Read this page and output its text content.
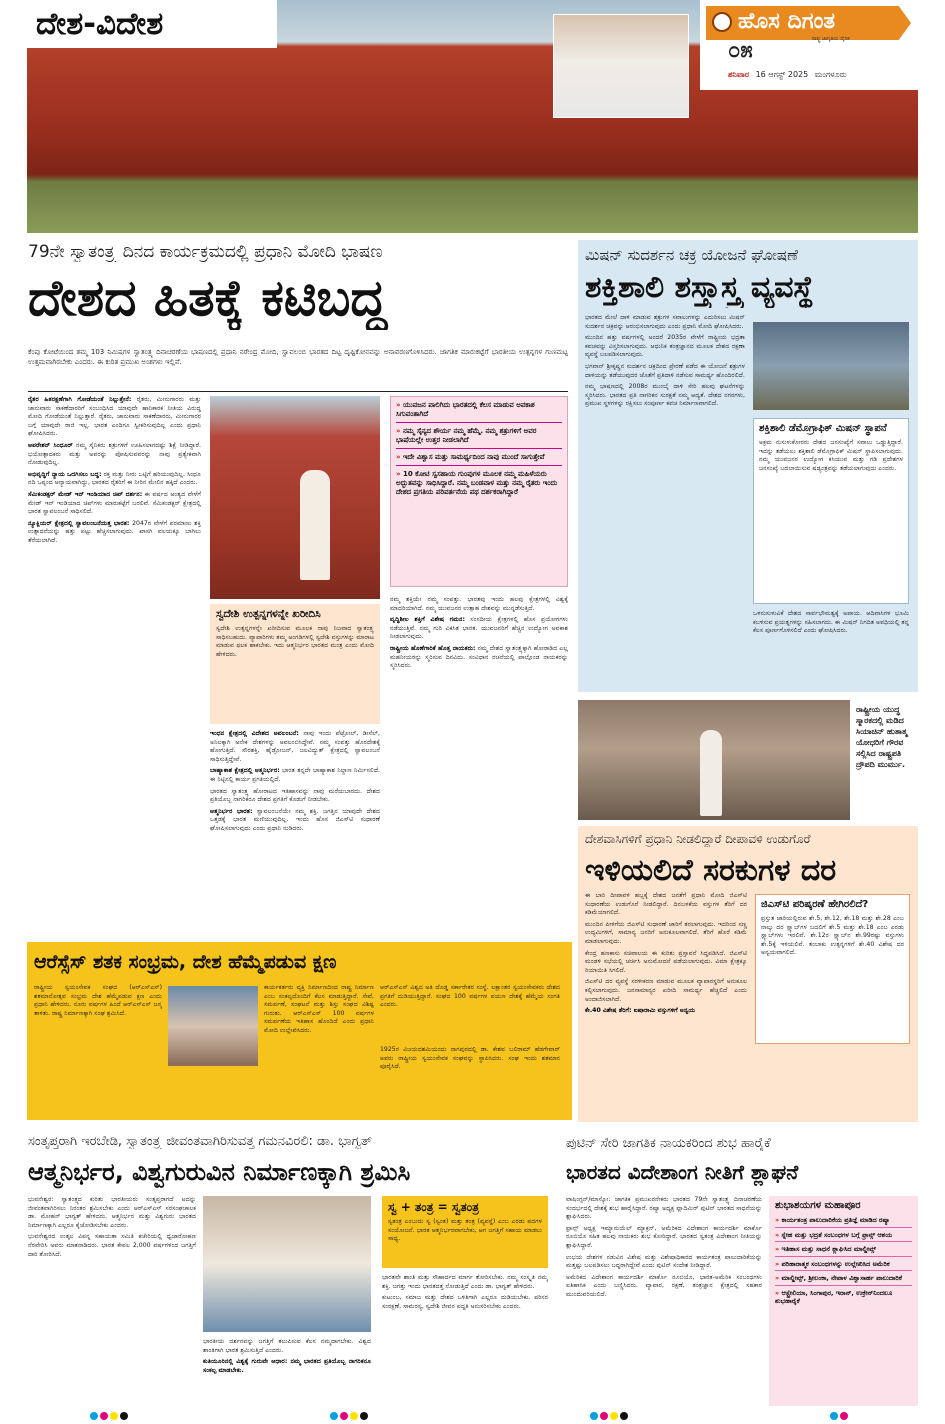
ದೇಶ-ವಿದೇಶ	ಹೊಸ ದಿಗಂತ
ರಾಷ್ಟ್ರ ಜಾಗೃತಿಯ ದೈನಿಕ
೦೫
ಶನಿವಾರ 16 ಆಗಸ್ಟ್ 2025 ಮಂಗಳೂರು
79ನೇ ಸ್ವಾತಂತ್ರ್ಯ ದಿನದ ಕಾರ್ಯಕ್ರಮದಲ್ಲಿ ಪ್ರಧಾನಿ ಮೋದಿ ಭಾಷಣ
ದೇಶದ ಹಿತಕ್ಕೆ ಕಟಿಬದ್ಧ
ಕೆಂಪು ಕೋಟೆಯಿಂದ ತಮ್ಮ 103 ನಿಮಿಷಗಳ ಸ್ವಾತಂತ್ರ್ಯ ದಿನಾಚರಣೆಯ ಭಾಷಣದಲ್ಲಿ ಪ್ರಧಾನಿ ನರೇಂದ್ರ ಮೋದಿ, ಸ್ವಾವಲಂಬಿ ಭಾರತದ ದಿಟ್ಟ ದೃಷ್ಟಿಕೋನವನ್ನು ಅನಾವರಣಗೊಳಿಸಿದರು. ಜಾಗತಿಕ ಮಾರುಕಟ್ಟೆಗೆ ಭಾರತೀಯ ಉತ್ಪನ್ನಗಳ ಗುಣಮಟ್ಟ ಉತ್ತಮವಾಗಿರಬೇಕು ಎಂದರು. ಈ ಕುರಿತ ಪ್ರಮುಖ ಅಂಶಗಳು ಇಲ್ಲಿವೆ.

ರೈತರ ಹಿತರಕ್ಷಣೆಗಾಗಿ ಗೋಡೆಯಂತೆ ನಿಲ್ಲುತ್ತೇನೆ: ರೈತರು, ಮೀನುಗಾರರು ಮತ್ತು ಜಾನುವಾರು ಸಾಕಣೆದಾರರಿಗೆ ಸಂಬಂಧಿಸಿದ ಯಾವುದೇ ಹಾನಿಕಾರಕ ನೀತಿಯ ವಿರುದ್ಧ ಮೋದಿ ಗೋಡೆಯಂತೆ ನಿಲ್ಲುತ್ತಾರೆ. ರೈತರು, ಜಾನುವಾರು ಸಾಕಣೆದಾರರು, ಮೀನುಗಾರರ ಬಗ್ಗೆ ಯಾವುದೇ ರಾಜಿ ಇಲ್ಲ. ಭಾರತ ಎಂದಿಗೂ ಸ್ವೀಕರಿಸುವುದಿಲ್ಲ ಎಂದು ಪ್ರಧಾನಿ ಘೋಷಿಸಿದರು.

ಆಪರೇಶನ್ ಸಿಂಧೂರ್ ನಮ್ಮ ಸೈನಿಕರು ಶತ್ರುಗಳಿಗೆ ಊಹಿಸಲಾಗದಷ್ಟು ಶಿಕ್ಷೆ ನೀಡಿದ್ದಾರೆ. ಭಯೋತ್ಪಾದಕರು ಮತ್ತು ಅವರನ್ನು ಪೋಷಿಸುವವರನ್ನು ನಾವು ಪ್ರತ್ಯೇಕವಾಗಿ ನೋಡುವುದಿಲ್ಲ.

ಅಭಿವೃದ್ಧಿಗೆ ನ್ಯಾಯ ಒದಗಿಸಲು ಬದ್ಧ: ರಕ್ತ ಮತ್ತು ನೀರು ಒಟ್ಟಿಗೆ ಹರಿಯುವುದಿಲ್ಲ. ಸಿಂಧೂ ನದಿ ಒಪ್ಪಂದ ಅನ್ಯಾಯವಾಗಿದ್ದು, ಭಾರತದ ರೈತರಿಗೆ ಈ ನೀರಿನ ಮೇಲಿನ ಹಕ್ಕಿದೆ ಎಂದರು.

ಸೆಮಿಕಂಡಕ್ಟರ್ ಮೇಡ್ ಇನ್ ಇಂಡಿಯಾದ ಚಿಪ್ ದರ್ಶನ: ಈ ವರ್ಷದ ಅಂತ್ಯದ ವೇಳೆಗೆ ಮೇಡ್ ಇನ್ ಇಂಡಿಯಾದ ಚಿಪ್‌ಗಳು ಮಾರುಕಟ್ಟೆಗೆ ಬರಲಿವೆ. ಸೆಮಿಕಂಡಕ್ಟರ್ ಕ್ಷೇತ್ರದಲ್ಲಿ ಭಾರತ ಸ್ವಾವಲಂಬನೆ ಸಾಧಿಸಲಿದೆ.

ನ್ಯೂಕ್ಲಿಯರ್ ಕ್ಷೇತ್ರದಲ್ಲಿ ಸ್ವಾವಲಂಬನೆಯತ್ತ ಭಾರತ: 2047ರ ವೇಳೆಗೆ ಪರಮಾಣು ಶಕ್ತಿ ಉತ್ಪಾದನೆಯನ್ನು ಹತ್ತು ಪಟ್ಟು ಹೆಚ್ಚಿಸಲಾಗುವುದು. ಖಾಸಗಿ ವಲಯಕ್ಕೂ ಬಾಗಿಲು ತೆರೆಯಲಾಗಿದೆ.

» ಯುವಜನ ಪಾಲಿಗಿದು ಭಾರತದಲ್ಲಿ ಕೆಲಸ ಮಾಡುವ ಅವಕಾಶ ಸಿಗುವಂತಾಗಿದೆ
» ನಮ್ಮ ಸೈನ್ಯದ ಶೌರ್ಯ ನಮ್ಮ ಹೆಮ್ಮೆ. ನಮ್ಮ ಶತ್ರುಗಳಿಗೆ ಅವರ ಭಾಷೆಯಲ್ಲೇ ಉತ್ತರ ನೀಡಲಾಗಿದೆ
» ಇದೇ ವಿಶ್ವಾಸ ಮತ್ತು ಸಾಮರ್ಥ್ಯದಿಂದ ನಾವು ಮುಂದೆ ಸಾಗುತ್ತೇವೆ
» 10 ಕೋಟಿ ಸ್ವಸಹಾಯ ಗುಂಪುಗಳ ಮೂಲಕ ನಮ್ಮ ಮಹಿಳೆಯರು ಅದ್ಭುತವನ್ನು ಸಾಧಿಸಿದ್ದಾರೆ. ನಮ್ಮ ಬಂಡವಾಳ ಮತ್ತು ನಮ್ಮ ರೈತರು ಇಂದು ದೇಶದ ಪ್ರಗತಿಯ ಪರಿವರ್ತನೆಯ ಪಥ ದರ್ಶಕರಾಗಿದ್ದಾರೆ
ಸ್ವದೇಶಿ ಉತ್ಪನ್ನಗಳನ್ನೇ ಖರೀದಿಸಿ
ಸ್ವದೇಶಿ ಉತ್ಪನ್ನಗಳನ್ನೇ ಖರೀದಿಸುವ ಮೂಲಕ ನಾವು ನಿಜವಾದ ಸ್ವಾತಂತ್ರ್ಯ ಸಾಧಿಸಬಹುದು. ವ್ಯಾಪಾರಿಗಳು ತಮ್ಮ ಅಂಗಡಿಗಳಲ್ಲಿ ಸ್ವದೇಶಿ ವಸ್ತುಗಳನ್ನು ಮಾರಾಟ ಮಾಡುವ ಫಲಕ ಹಾಕಬೇಕು. ಇದು ಆತ್ಮನಿರ್ಭರ ಭಾರತದ ಮಂತ್ರ ಎಂದು ಮೋದಿ ಹೇಳಿದರು.

ನಮ್ಮ ಶಕ್ತಿಯೇ ನಮ್ಮ ಸಂಪತ್ತು. ಭಾರತವು ಇಂದು ಹಲವು ಕ್ಷೇತ್ರಗಳಲ್ಲಿ ವಿಶ್ವಕ್ಕೆ ಮಾದರಿಯಾಗಿದೆ. ನಮ್ಮ ಯುವಜನರ ಉತ್ಸಾಹ ದೇಶವನ್ನು ಮುನ್ನಡೆಸುತ್ತಿದೆ.

ವೃದ್ಧಿಶೀಲ ಶಕ್ತಿಗೆ ವಿಶೇಷ ಗಮನ: ಸಂಸದೀಯ ಕ್ಷೇತ್ರಗಳಲ್ಲಿ ಹೊಸ ಪ್ರಯೋಗಗಳು ನಡೆಯುತ್ತಿವೆ. ನಮ್ಮ ಗುರಿ ವಿಕಸಿತ ಭಾರತ. ಯುವಜನರಿಗೆ ಹೆಚ್ಚಿನ ಉದ್ಯೋಗ ಅವಕಾಶ ನೀಡಲಾಗುವುದು.

ರಾಷ್ಟ್ರೀಯ ಹೊಣೆಗಾರಿಕೆ ಹೊತ್ತ ನಾಯಕರು: ನಮ್ಮ ದೇಶದ ಸ್ವಾತಂತ್ರ್ಯಕ್ಕಾಗಿ ಹೋರಾಡಿದ ಎಲ್ಲ ಮಹನೀಯರನ್ನು ಸ್ಮರಿಸುವ ದಿನವಿದು. ಸಂವಿಧಾನ ರಚನೆಯಲ್ಲಿ ಪಾಲ್ಗೊಂಡ ನಾಯಕರನ್ನು ಸ್ಮರಿಸಿದರು.

ಇಂಧನ ಕ್ಷೇತ್ರದಲ್ಲಿ ವಿದೇಶದ ಅವಲಂಬನೆ: ನಾವು ಇಂದು ಪೆಟ್ರೋಲ್, ಡೀಸೆಲ್, ಅನಿಲಕ್ಕಾಗಿ ಅನೇಕ ದೇಶಗಳನ್ನು ಅವಲಂಬಿಸಿದ್ದೇವೆ. ನಮ್ಮ ಸಂಪತ್ತು ಹೊರದೇಶಕ್ಕೆ ಹೋಗುತ್ತಿದೆ. ಸೌರಶಕ್ತಿ, ಹೈಡ್ರೋಜನ್, ಜಲವಿದ್ಯುತ್ ಕ್ಷೇತ್ರದಲ್ಲಿ ಸ್ವಾವಲಂಬನೆ ಸಾಧಿಸುತ್ತಿದ್ದೇವೆ.

ಬಾಹ್ಯಾಕಾಶ ಕ್ಷೇತ್ರದಲ್ಲಿ ಆತ್ಮನಿರ್ಭರ: ಭಾರತ ತನ್ನದೇ ಬಾಹ್ಯಾಕಾಶ ನಿಲ್ದಾಣ ನಿರ್ಮಿಸಲಿದೆ. ಈ ನಿಟ್ಟಿನಲ್ಲಿ ಕಾರ್ಯ ಪ್ರಗತಿಯಲ್ಲಿದೆ.

ಭಾರತದ ಸ್ವಾತಂತ್ರ್ಯ ಹೋರಾಟದ ಇತಿಹಾಸವನ್ನು ನಾವು ಮರೆಯಬಾರದು. ದೇಶದ ಪ್ರತಿಯೊಬ್ಬ ನಾಗರಿಕರೂ ದೇಶದ ಪ್ರಗತಿಗೆ ಕೊಡುಗೆ ನೀಡಬೇಕು.

ಆತ್ಮನಿರ್ಭರ ಭಾರತ: ಸ್ವಾವಲಂಬನೆಯೇ ನಮ್ಮ ಶಕ್ತಿ. ಜಗತ್ತಿನ ಯಾವುದೇ ದೇಶದ ಒತ್ತಡಕ್ಕೆ ಭಾರತ ಮಣಿಯುವುದಿಲ್ಲ. ಇಂದು ಹೊಸ ಜಿಎಸ್‌ಟಿ ಸುಧಾರಣೆ ಘೋಷಿಸಲಾಗುವುದು ಎಂದು ಪ್ರಧಾನಿ ನುಡಿದರು.

ಮಿಷನ್ ಸುದರ್ಶನ ಚಕ್ರ ಯೋಜನೆ ಘೋಷಣೆ
ಶಕ್ತಿಶಾಲಿ ಶಸ್ತ್ರಾಸ್ತ್ರ ವ್ಯವಸ್ಥೆ

ಭಾರತದ ಮೇಲೆ ದಾಳಿ ಮಾಡುವ ಶತ್ರುಗಳ ಸವಾಲುಗಳನ್ನು ಎದುರಿಸಲು ಮಿಷನ್ ಸುದರ್ಶನ ಚಕ್ರವನ್ನು ಆರಂಭಿಸಲಾಗುವುದು ಎಂದು ಪ್ರಧಾನಿ ಮೋದಿ ಘೋಷಿಸಿದರು.

ಮುಂದಿನ ಹತ್ತು ವರ್ಷಗಳಲ್ಲಿ ಅಂದರೆ 2035ರ ವೇಳೆಗೆ ರಾಷ್ಟ್ರೀಯ ಭದ್ರತಾ ಕವಚವನ್ನು ವಿಸ್ತರಿಸಲಾಗುವುದು. ಆಧುನಿಕ ತಂತ್ರಜ್ಞಾನದ ಮೂಲಕ ದೇಶದ ರಕ್ಷಣಾ ವ್ಯವಸ್ಥೆ ಬಲಪಡಿಸಲಾಗುವುದು.

ಭಗವಾನ್ ಶ್ರೀಕೃಷ್ಣನ ಸುದರ್ಶನ ಚಕ್ರದಿಂದ ಪ್ರೇರಣೆ ಪಡೆದ ಈ ಯೋಜನೆ ಶತ್ರುಗಳ ದಾಳಿಯನ್ನು ತಡೆಯುವುದರ ಜೊತೆಗೆ ಪ್ರತಿದಾಳಿ ನಡೆಸುವ ಸಾಮರ್ಥ್ಯ ಹೊಂದಿರಲಿದೆ.

ನಮ್ಮ ಭಾಷಣದಲ್ಲಿ 2008ರ ಮುಂಬೈ ದಾಳಿ ಸೇರಿ ಹಲವು ಘಟನೆಗಳನ್ನು ಸ್ಮರಿಸಿದರು. ಭಾರತದ ಪ್ರತಿ ನಾಗರಿಕನ ಸುರಕ್ಷತೆ ನಮ್ಮ ಆದ್ಯತೆ. ದೇಶದ ನಗರಗಳು, ಪ್ರಮುಖ ಸ್ಥಳಗಳನ್ನು ರಕ್ಷಿಸಲು ಸಂಪೂರ್ಣ ಕವಚ ನಿರ್ಮಾಣವಾಗಲಿದೆ.

ಶಕ್ತಿಶಾಲಿ ಡೆಮೊಗ್ರಾಫಿಕ್ ಮಿಷನ್ ಸ್ಥಾಪನೆ
ಅಕ್ರಮ ನುಸುಳುಕೋರರು ದೇಶದ ಜನಸಂಖ್ಯೆಗೆ ಸವಾಲು ಒಡ್ಡುತ್ತಿದ್ದಾರೆ. ಇದನ್ನು ತಡೆಯಲು ಶಕ್ತಿಶಾಲಿ ಡೆಮೊಗ್ರಾಫಿಕ್ ಮಿಷನ್ ಸ್ಥಾಪಿಸಲಾಗುವುದು. ನಮ್ಮ ಯುವಜನರ ಉದ್ಯೋಗ ಕಸಿಯುವ ಮತ್ತು ಗಡಿ ಪ್ರದೇಶಗಳ ಜನಸಂಖ್ಯೆ ಬದಲಾಯಿಸುವ ಷಡ್ಯಂತ್ರವನ್ನು ತಡೆಯಲಾಗುವುದು ಎಂದರು.
ಒಳನುಸುಳುವಿಕೆ ದೇಶದ ಸಾರ್ವಭೌಮತ್ವಕ್ಕೆ ಅಪಾಯ. ಆದಿವಾಸಿಗಳ ಭೂಮಿ ಕಬಳಿಸುವ ಪ್ರಯತ್ನಗಳನ್ನು ಸಹಿಸಲಾಗದು. ಈ ಮಿಷನ್ ನಿಗದಿತ ಅವಧಿಯಲ್ಲಿ ತನ್ನ ಕೆಲಸ ಪೂರ್ಣಗೊಳಿಸಲಿದೆ ಎಂದು ಘೋಷಿಸಿದರು.
ರಾಷ್ಟ್ರೀಯ ಯುದ್ಧ ಸ್ಮಾರಕದಲ್ಲಿ ಮಡಿದ ಸಿಯಾಚಿನ್ ಹುತಾತ್ಮ ಯೋಧರಿಗೆ ಗೌರವ ಸಲ್ಲಿಸಿದ ರಾಷ್ಟ್ರಪತಿ ದ್ರೌಪದಿ ಮುರ್ಮು.
ದೇಶವಾಸಿಗಳಿಗೆ ಪ್ರಧಾನಿ ನೀಡಲಿದ್ದಾರೆ ದೀಪಾವಳಿ ಉಡುಗೊರೆ
ಇಳಿಯಲಿದೆ ಸರಕುಗಳ ದರ

ಈ ಬಾರಿ ದೀಪಾವಳಿ ಹಬ್ಬಕ್ಕೆ ದೇಶದ ಜನತೆಗೆ ಪ್ರಧಾನಿ ಮೋದಿ ಜಿಎಸ್‌ಟಿ ಸುಧಾರಣೆಯ ಉಡುಗೊರೆ ನೀಡಲಿದ್ದಾರೆ. ದಿನಬಳಕೆಯ ವಸ್ತುಗಳ ತೆರಿಗೆ ದರ ಕಡಿಮೆಯಾಗಲಿದೆ.

ಮುಂದಿನ ಪೀಳಿಗೆಯ ಜಿಎಸ್‌ಟಿ ಸುಧಾರಣೆ ಜಾರಿಗೆ ತರಲಾಗುವುದು. ಇದರಿಂದ ಸಣ್ಣ ಉದ್ಯಮಿಗಳಿಗೆ, ಸಾಮಾನ್ಯ ಜನರಿಗೆ ಅನುಕೂಲವಾಗಲಿದೆ. ತೆರಿಗೆ ಹೊರೆ ಕಡಿಮೆ ಮಾಡಲಾಗುವುದು.

ಕೇಂದ್ರ ಹಣಕಾಸು ಸಚಿವಾಲಯ ಈ ಕುರಿತು ಪ್ರಸ್ತಾವನೆ ಸಿದ್ಧಪಡಿಸಿದೆ. ಜಿಎಸ್‌ಟಿ ಮಂಡಳಿ ಸಭೆಯಲ್ಲಿ ಚರ್ಚಿಸಿ ಅನುಮೋದನೆ ಪಡೆಯಲಾಗುವುದು. ವಿಮಾ ಕ್ಷೇತ್ರಕ್ಕೂ ರಿಯಾಯಿತಿ ಸಿಗಲಿದೆ.

ಜಿಎಸ್‌ಟಿ ದರ ವ್ಯವಸ್ಥೆ ಸರಳೀಕರಣ ಮಾಡುವ ಮೂಲಕ ವ್ಯಾಪಾರಸ್ಥರಿಗೆ ಅನುಕೂಲ ಕಲ್ಪಿಸಲಾಗುವುದು. ಜನಸಾಮಾನ್ಯರ ಖರೀದಿ ಸಾಮರ್ಥ್ಯ ಹೆಚ್ಚಲಿದೆ ಎಂದು ಅಂದಾಜಿಸಲಾಗಿದೆ.

ಕೇ.40 ವಿಶೇಷ ತೆರಿಗೆ: ಐಷಾರಾಮಿ ವಸ್ತುಗಳಿಗೆ ಅನ್ವಯ

ಜಿಎಸ್‌ಟಿ ಪರಿಷ್ಕರಣೆ ಹೇಗಿರಲಿದೆ?
ಪ್ರಸ್ತುತ ಜಾರಿಯಲ್ಲಿರುವ ಶೇ.5, ಶೇ.12, ಶೇ.18 ಮತ್ತು ಶೇ.28 ಎಂಬ ನಾಲ್ಕು ದರ ಸ್ಲ್ಯಾಬ್‌ಗಳ ಬದಲಿಗೆ ಶೇ.5 ಮತ್ತು ಶೇ.18 ಎಂಬ ಎರಡು ಸ್ಲ್ಯಾಬ್‌ಗಳು ಇರಲಿವೆ. ಶೇ.12ರ ಸ್ಲ್ಯಾಬ್‌ನ ಶೇ.99ರಷ್ಟು ವಸ್ತುಗಳು ಶೇ.5ಕ್ಕೆ ಇಳಿಯಲಿವೆ. ತಂಬಾಕು ಉತ್ಪನ್ನಗಳಿಗೆ ಶೇ.40 ವಿಶೇಷ ದರ ಅನ್ವಯವಾಗಲಿದೆ.
ಆರೆಸ್ಸೆಸ್ ಶತಕ ಸಂಭ್ರಮ, ದೇಶ ಹೆಮ್ಮೆಪಡುವ ಕ್ಷಣ
ರಾಷ್ಟ್ರೀಯ ಸ್ವಯಂಸೇವಕ ಸಂಘದ (ಆರ್‌ಎಸ್‌ಎಸ್) ಶತಮಾನೋತ್ಸವ ಸಂಭ್ರಮ ದೇಶ ಹೆಮ್ಮೆಪಡುವ ಕ್ಷಣ ಎಂದು ಪ್ರಧಾನಿ ಹೇಳಿದರು. ನೂರು ವರ್ಷಗಳ ಹಿಂದೆ ಆರ್‌ಎಸ್‌ಎಸ್ ಜನ್ಮ ತಾಳಿತು. ರಾಷ್ಟ್ರ ನಿರ್ಮಾಣಕ್ಕಾಗಿ ಸಂಘ ಶ್ರಮಿಸಿದೆ.
ಕಾರ್ಯಕರ್ತರು ವ್ಯಕ್ತಿ ನಿರ್ಮಾಣದಿಂದ ರಾಷ್ಟ್ರ ನಿರ್ಮಾಣ ಎಂಬ ಸಂಕಲ್ಪದೊಂದಿಗೆ ಕೆಲಸ ಮಾಡುತ್ತಿದ್ದಾರೆ. ಸೇವೆ, ಸಮರ್ಪಣೆ, ಸಂಘಟನೆ ಮತ್ತು ಶಿಸ್ತು ಸಂಘದ ವಿಶಿಷ್ಟ ಗುರುತು. ಆರ್‌ಎಸ್‌ಎಸ್ 100 ವರ್ಷಗಳ ಸಮರ್ಪಣೆಯ ಇತಿಹಾಸ ಹೊಂದಿದೆ ಎಂದು ಪ್ರಧಾನಿ ಮೋದಿ ಉಲ್ಲೇಖಿಸಿದರು.
ಆರ್‌ಎಸ್‌ಎಸ್ ವಿಶ್ವದ ಅತಿ ದೊಡ್ಡ ಸರ್ಕಾರೇತರ ಸಂಸ್ಥೆ. ಲಕ್ಷಾಂತರ ಸ್ವಯಂಸೇವಕರು ದೇಶದ ಪ್ರಗತಿಗೆ ದುಡಿಯುತ್ತಿದ್ದಾರೆ. ಸಂಘದ 100 ವರ್ಷಗಳ ಪಯಣ ದೇಶಕ್ಕೆ ಹೆಮ್ಮೆಯ ಸಂಗತಿ ಎಂದರು.
1925ರ ವಿಜಯದಶಮಿಯಂದು ನಾಗಪುರದಲ್ಲಿ ಡಾ. ಕೇಶವ ಬಲಿರಾಮ್ ಹೆಡಗೇವಾರ್ ಅವರು ರಾಷ್ಟ್ರೀಯ ಸ್ವಯಂಸೇವಕ ಸಂಘವನ್ನು ಸ್ಥಾಪಿಸಿದರು. ಸಂಘ ಇಂದು ಶತಮಾನ ಪೂರೈಸಿದೆ.
ಸಂತೃಪ್ತರಾಗಿ ಇರಬೇಡಿ, ಸ್ವಾತಂತ್ರ್ಯ ಜೀವಂತವಾಗಿರಿಸುವತ್ತ ಗಮನವಿರಲಿ: ಡಾ. ಭಾಗ್ವತ್
ಆತ್ಮನಿರ್ಭರ, ವಿಶ್ವಗುರುವಿನ ನಿರ್ಮಾಣಕ್ಕಾಗಿ ಶ್ರಮಿಸಿ

ಭುವನೇಶ್ವರ: ಸ್ವಾತಂತ್ರ್ಯದ ಕುರಿತು ಭಾರತೀಯರು ಸಂತೃಪ್ತರಾಗದೆ ಅದನ್ನು ಜೀವಂತವಾಗಿರಿಸಲು ನಿರಂತರ ಶ್ರಮಿಸಬೇಕು ಎಂದು ಆರ್‌ಎಸ್‌ಎಸ್ ಸರಸಂಘಚಾಲಕ ಡಾ. ಮೋಹನ್ ಭಾಗ್ವತ್ ಹೇಳಿದರು. ಆತ್ಮನಿರ್ಭರ ಮತ್ತು ವಿಶ್ವಗುರು ಭಾರತದ ನಿರ್ಮಾಣಕ್ಕಾಗಿ ಎಲ್ಲರೂ ಕೈಜೋಡಿಸಬೇಕು ಎಂದರು.

ಭುವನೇಶ್ವರದ ಉತ್ಕಲ ವಿಪನ್ನ ಸಹಾಯತಾ ಸಮಿತಿ ಕಚೇರಿಯಲ್ಲಿ ಧ್ವಜಾರೋಹಣ ನೆರವೇರಿಸಿ ಅವರು ಮಾತನಾಡಿದರು. ಭಾರತ ಕೇವಲ 2,000 ವರ್ಷಗಳಿಂದ ಜಗತ್ತಿಗೆ ದಾರಿ ತೋರಿಸಿದೆ.

ಸ್ವ + ತಂತ್ರ = ಸ್ವತಂತ್ರ
ಸ್ವತಂತ್ರ ಎಂಬುದು ಸ್ವ (ಸ್ವಂತ) ಮತ್ತು ತಂತ್ರ (ವ್ಯವಸ್ಥೆ) ಎಂಬ ಎರಡು ಪದಗಳ ಸಂಯೋಜನೆ. ಭಾರತ ಆತ್ಮನಿರ್ಭರವಾಗಬೇಕು, ಆಗ ಜಗತ್ತಿಗೆ ಸಹಾಯ ಮಾಡಲು ಸಾಧ್ಯ.

ಭಾರತವೇ ಶಾಂತಿ ಮತ್ತು ಸೌಹಾರ್ದದ ಮಾರ್ಗ ತೋರಿಸಬೇಕು. ನಮ್ಮ ಸಂಸ್ಕೃತಿ ನಮ್ಮ ಶಕ್ತಿ. ಜಗತ್ತು ಇಂದು ಭಾರತದತ್ತ ನೋಡುತ್ತಿದೆ ಎಂದು ಡಾ. ಭಾಗ್ವತ್ ಹೇಳಿದರು.

ಕುಟುಂಬ, ಸಮಾಜ ಮತ್ತು ದೇಶದ ಒಳಿತಿಗಾಗಿ ಎಲ್ಲರೂ ದುಡಿಯಬೇಕು. ಪರಿಸರ ಸಂರಕ್ಷಣೆ, ಸಾಮರಸ್ಯ, ಸ್ವದೇಶಿ ಜೀವನ ಪದ್ಧತಿ ಅನುಸರಿಸಬೇಕು ಎಂದರು.

ಭಾರತೀಯ ದರ್ಶನವನ್ನು ಜಗತ್ತಿಗೆ ತಲುಪಿಸುವ ಕೆಲಸ ನಮ್ಮದಾಗಬೇಕು. ವಿಶ್ವದ ಶಾಂತಿಗಾಗಿ ಭಾರತ ಶ್ರಮಿಸುತ್ತಿದೆ ಎಂದರು.

ಕುತಿಯೂರಿನಲ್ಲಿ ವಿಶ್ವಕ್ಕೆ ಗುರುವೇ ಆಧಾರ: ನಮ್ಮ ಭಾರತದ ಪ್ರತಿಯೊಬ್ಬ ನಾಗರಿಕನೂ ಸಂಕಲ್ಪ ಮಾಡಬೇಕು.

ಪುಟಿನ್ ಸೇರಿ ಜಾಗತಿಕ ನಾಯಕರಿಂದ ಶುಭ ಹಾರೈಕೆ
ಭಾರತದ ವಿದೇಶಾಂಗ ನೀತಿಗೆ ಶ್ಲಾಘನೆ

ವಾಷಿಂಗ್ಟನ್/ಮಾಸ್ಕೋ: ಜಾಗತಿಕ ಪ್ರಮುಖರನೇಕರು ಭಾರತದ 79ನೇ ಸ್ವಾತಂತ್ರ್ಯ ದಿನಾಚರಣೆಯ ಸಂದರ್ಭದಲ್ಲಿ ದೇಶಕ್ಕೆ ಶುಭ ಹಾರೈಸಿದ್ದಾರೆ. ರಷ್ಯಾ ಅಧ್ಯಕ್ಷ ವ್ಲಾದಿಮಿರ್ ಪುಟಿನ್ ಭಾರತದ ಸಾಧನೆಯನ್ನು ಶ್ಲಾಘಿಸಿದರು.

ಫ್ರಾನ್ಸ್ ಅಧ್ಯಕ್ಷ ಇಮ್ಯಾನುಯೆಲ್ ಮ್ಯಾಕ್ರನ್, ಅಮೆರಿಕದ ವಿದೇಶಾಂಗ ಕಾರ್ಯದರ್ಶಿ ಮಾರ್ಕೊ ರೂಬಿಯೊ ಸಹಿತ ಹಲವು ನಾಯಕರು ಶುಭ ಕೋರಿದ್ದಾರೆ. ಭಾರತದ ಸ್ವತಂತ್ರ ವಿದೇಶಾಂಗ ನೀತಿಯನ್ನು ಶ್ಲಾಘಿಸಿದ್ದಾರೆ.

ಉಭಯ ದೇಶಗಳ ನಡುವಿನ ವಿಶೇಷ ಮತ್ತು ವಿಶೇಷಾಧಿಕಾರದ ಕಾರ್ಯತಂತ್ರ ಪಾಲುದಾರಿಕೆಯನ್ನು ಮತ್ತಷ್ಟು ಬಲಪಡಿಸಲು ಬದ್ಧರಾಗಿದ್ದೇವೆ ಎಂದು ಪುಟಿನ್ ಸಂದೇಶ ನೀಡಿದ್ದಾರೆ.

ಅಮೆರಿಕದ ವಿದೇಶಾಂಗ ಕಾರ್ಯದರ್ಶಿ ಮಾರ್ಕೊ ರೂಬಿಯೊ, ಭಾರತ-ಅಮೆರಿಕ ಸಂಬಂಧಗಳು ಐತಿಹಾಸಿಕ ಎಂದು ಬಣ್ಣಿಸಿದರು. ವ್ಯಾಪಾರ, ರಕ್ಷಣೆ, ತಂತ್ರಜ್ಞಾನ ಕ್ಷೇತ್ರದಲ್ಲಿ ಸಹಕಾರ ಮುಂದುವರಿಯಲಿದೆ.

ಶುಭಾಶಯಗಳ ಮಹಾಪೂರ
» ಕಾರ್ಯತಂತ್ರ ಪಾಲುದಾರಿಕೆಯ ಪ್ರತಿಜ್ಞೆ ಮಾಡಿದ ರಷ್ಯಾ
» ಸ್ನೇಹ ಮತ್ತು ಭದ್ರತೆ ಸಂಬಂಧಗಳ ಬಗ್ಗೆ ಫ್ರಾನ್ಸ್ ಆಶಯ
» ಇತಿಹಾಸ ಮತ್ತು ಸಾಧನೆ ಶ್ಲಾಘಿಸಿದ ಮಾಲ್ಡೀವ್ಸ್
» ಪರಿಹಾರಾತ್ಮಕ ಸಂಬಂಧಗಳನ್ನು ಉಲ್ಲೇಖಿಸಿದ ಅಮೆರಿಕ
» ಮಾಲ್ಡೀವ್ಸ್, ಶ್ರೀಲಂಕಾ, ನೇಪಾಳ ವಿಶ್ವಾಸಾರ್ಹ ಪಾಲುದಾರಿಕೆ
» ಆಸ್ಟ್ರೇಲಿಯಾ, ಸಿಂಗಾಪುರ, ಇರಾನ್, ಉಕ್ರೇನ್‌ನಿಂದಲೂ ಶುಭಹಾರೈಕೆ
